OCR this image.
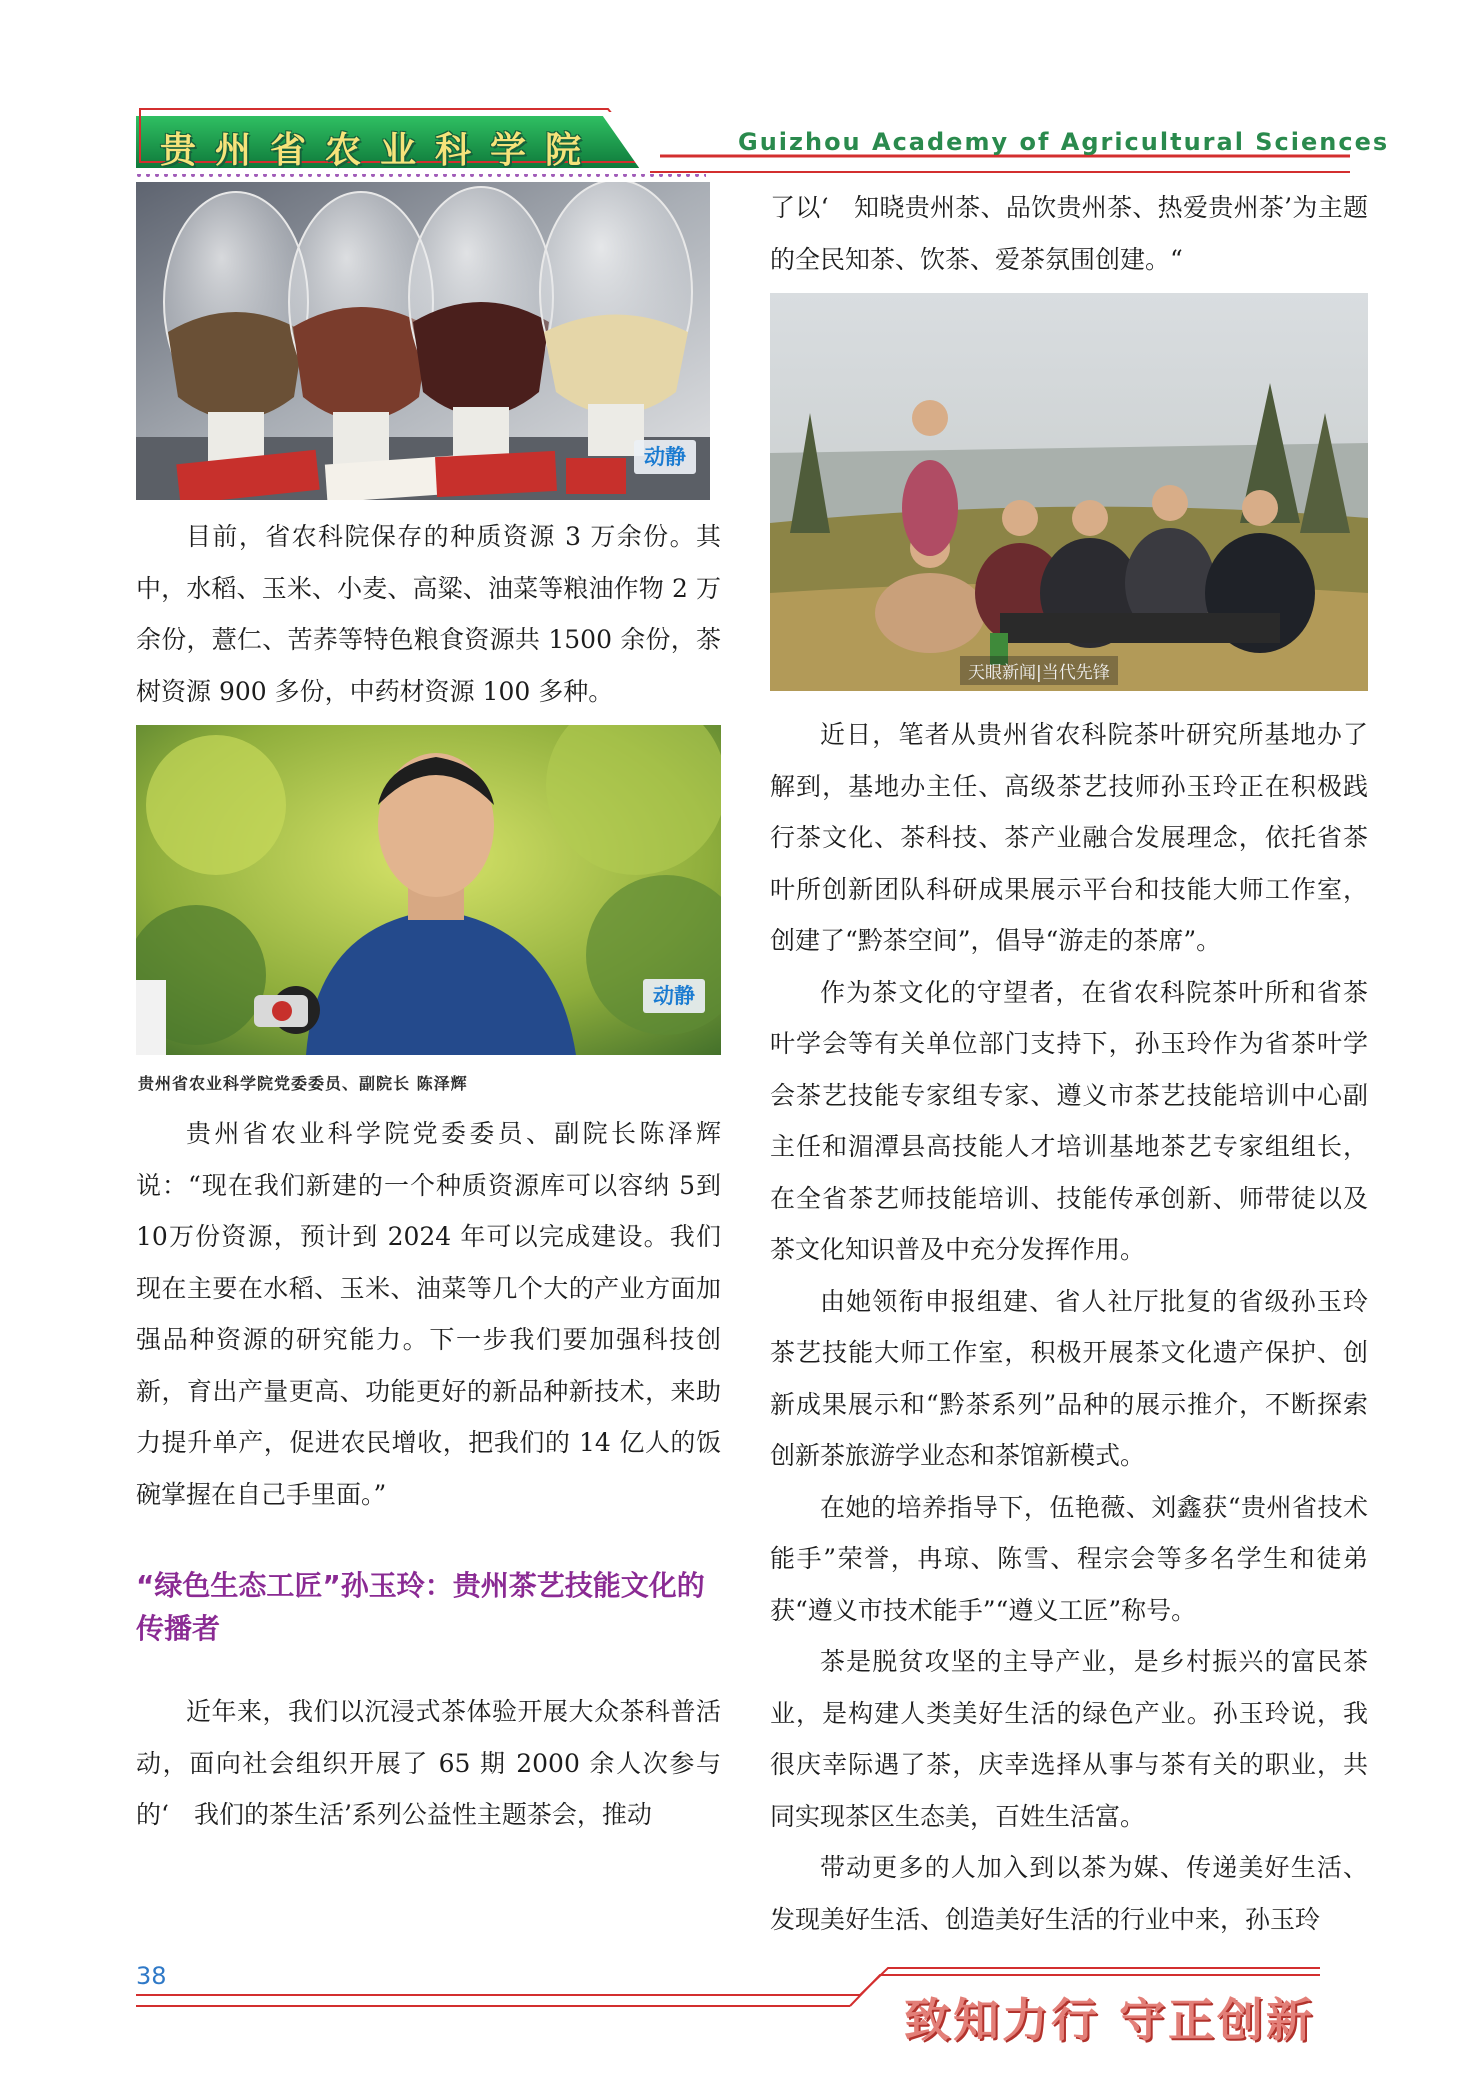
贵州省农业科学院	Guizhou Academy of Agricultural Sciences
动静

目前，省农科院保存的种质资源 3 万余份。其中，水稻、玉米、小麦、高粱、油菜等粮油作物 2 万余份，薏仁、苦荞等特色粮食资源共 1500 余份，茶树资源 900 多份，中药材资源 100 多种。

动静
贵州省农业科学院党委委员、副院长 陈泽辉

贵州省农业科学院党委委员、副院长陈泽辉说：“现在我们新建的一个种质资源库可以容纳 5到 10万份资源，预计到 2024 年可以完成建设。我们现在主要在水稻、玉米、油菜等几个大的产业方面加强品种资源的研究能力。下一步我们要加强科技创新，育出产量更高、功能更好的新品种新技术，来助力提升单产，促进农民增收，把我们的 14 亿人的饭碗掌握在自己手里面。”

“绿色生态工匠”孙玉玲：贵州茶艺技能文化的传播者

近年来，我们以沉浸式茶体验开展大众茶科普活动，面向社会组织开展了 65 期 2000 余人次参与的‘　我们的茶生活’系列公益性主题茶会，推动

了以‘　知晓贵州茶、品饮贵州茶、热爱贵州茶’为主题的全民知茶、饮茶、爱茶氛围创建。“

天眼新闻|当代先锋

近日，笔者从贵州省农科院茶叶研究所基地办了解到，基地办主任、高级茶艺技师孙玉玲正在积极践行茶文化、茶科技、茶产业融合发展理念，依托省茶叶所创新团队科研成果展示平台和技能大师工作室，创建了“黔茶空间”，倡导“游走的茶席”。

作为茶文化的守望者，在省农科院茶叶所和省茶叶学会等有关单位部门支持下，孙玉玲作为省茶叶学会茶艺技能专家组专家、遵义市茶艺技能培训中心副主任和湄潭县高技能人才培训基地茶艺专家组组长，在全省茶艺师技能培训、技能传承创新、师带徒以及茶文化知识普及中充分发挥作用。

由她领衔申报组建、省人社厅批复的省级孙玉玲茶艺技能大师工作室，积极开展茶文化遗产保护、创新成果展示和“黔茶系列”品种的展示推介，不断探索创新茶旅游学业态和茶馆新模式。

在她的培养指导下，伍艳薇、刘鑫获“贵州省技术能手”荣誉，冉琼、陈雪、程宗会等多名学生和徒弟获“遵义市技术能手”“遵义工匠”称号。

茶是脱贫攻坚的主导产业，是乡村振兴的富民茶业，是构建人类美好生活的绿色产业。孙玉玲说，我很庆幸际遇了茶，庆幸选择从事与茶有关的职业，共同实现茶区生态美，百姓生活富。

带动更多的人加入到以茶为媒、传递美好生活、发现美好生活、创造美好生活的行业中来，孙玉玲

38
致知力行 守正创新
